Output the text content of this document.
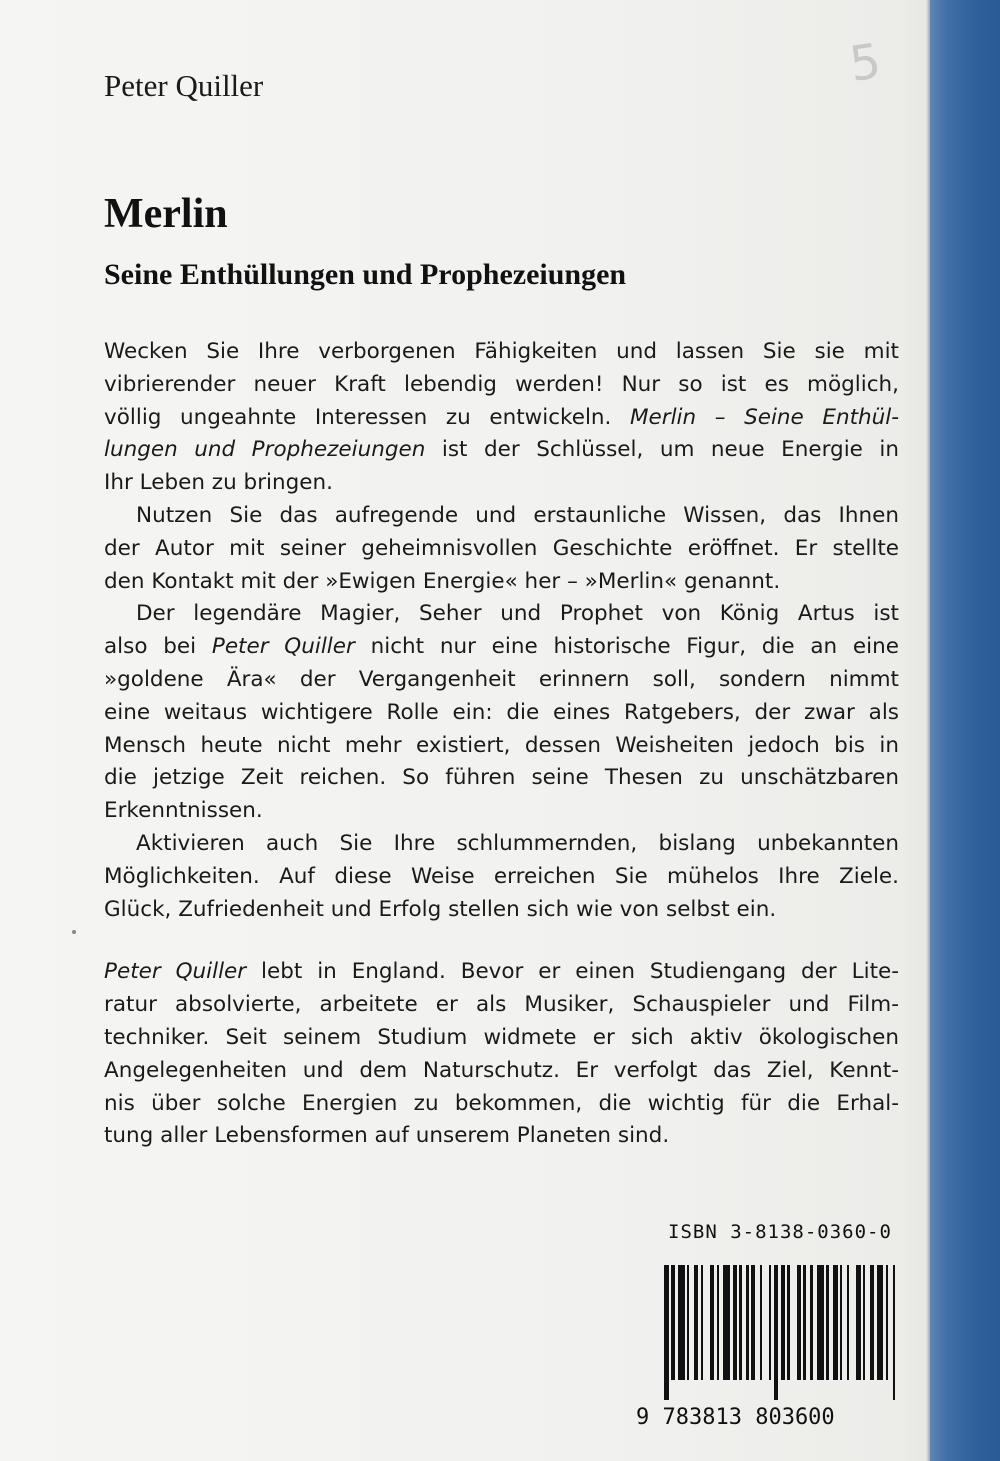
5
Peter Quiller
Merlin
Seine Enthüllungen und Prophezeiungen

Wecken Sie Ihre verborgenen Fähigkeiten und lassen Sie sie mit
vibrierender neuer Kraft lebendig werden! Nur so ist es möglich,
völlig ungeahnte Interessen zu entwickeln. Merlin – Seine Enthül-
lungen und Prophezeiungen ist der Schlüssel, um neue Energie in
Ihr Leben zu bringen.

Nutzen Sie das aufregende und erstaunliche Wissen, das Ihnen
der Autor mit seiner geheimnisvollen Geschichte eröffnet. Er stellte
den Kontakt mit der »Ewigen Energie« her – »Merlin« genannt.

Der legendäre Magier, Seher und Prophet von König Artus ist
also bei Peter Quiller nicht nur eine historische Figur, die an eine
»goldene Ära« der Vergangenheit erinnern soll, sondern nimmt
eine weitaus wichtigere Rolle ein: die eines Ratgebers, der zwar als
Mensch heute nicht mehr existiert, dessen Weisheiten jedoch bis in
die jetzige Zeit reichen. So führen seine Thesen zu unschätzbaren
Erkenntnissen.

Aktivieren auch Sie Ihre schlummernden, bislang unbekannten
Möglichkeiten. Auf diese Weise erreichen Sie mühelos Ihre Ziele.
Glück, Zufriedenheit und Erfolg stellen sich wie von selbst ein.

Peter Quiller lebt in England. Bevor er einen Studiengang der Lite-
ratur absolvierte, arbeitete er als Musiker, Schauspieler und Film-
techniker. Seit seinem Studium widmete er sich aktiv ökologischen
Angelegenheiten und dem Naturschutz. Er verfolgt das Ziel, Kennt-
nis über solche Energien zu bekommen, die wichtig für die Erhal-
tung aller Lebensformen auf unserem Planeten sind.

ISBN 3-8138-0360-0
9 783813 803600
